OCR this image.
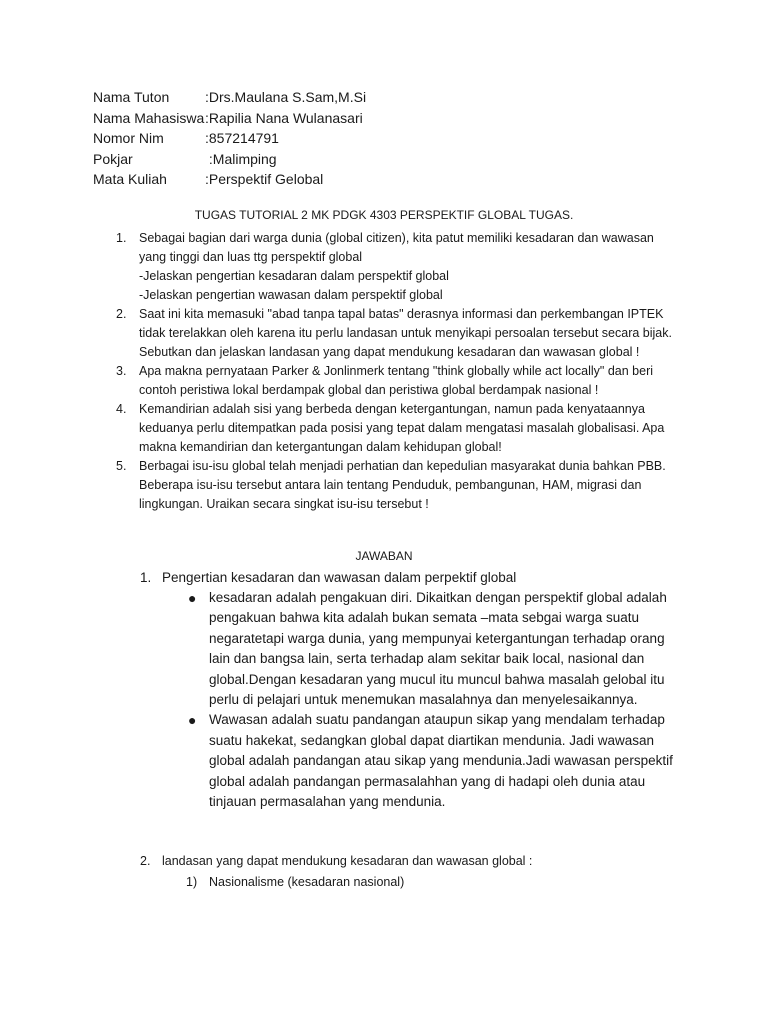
Nama Tuton	:Drs.Maulana S.Sam,M.Si
Nama Mahasiswa :Rapilia Nana Wulanasari
Nomor Nim	:857214791
Pokjar	:Malimping
Mata Kuliah	:Perspektif Gelobal
TUGAS TUTORIAL 2 MK PDGK 4303 PERSPEKTIF GLOBAL TUGAS.
1. Sebagai bagian dari warga dunia (global citizen), kita patut memiliki kesadaran dan wawasan yang tinggi dan luas ttg perspektif global
-Jelaskan pengertian kesadaran dalam perspektif global
-Jelaskan pengertian wawasan dalam perspektif global
2. Saat ini kita memasuki "abad tanpa tapal batas" derasnya informasi dan perkembangan IPTEK tidak terelakkan oleh karena itu perlu landasan untuk menyikapi persoalan tersebut secara bijak. Sebutkan dan jelaskan landasan yang dapat mendukung kesadaran dan wawasan global !
3. Apa makna pernyataan Parker & Jonlinmerk tentang "think globally while act locally" dan beri contoh peristiwa lokal berdampak global dan peristiwa global berdampak nasional !
4. Kemandirian adalah sisi yang berbeda dengan ketergantungan, namun pada kenyataannya keduanya perlu ditempatkan pada posisi yang tepat dalam mengatasi masalah globalisasi. Apa makna kemandirian dan ketergantungan dalam kehidupan global!
5. Berbagai isu-isu global telah menjadi perhatian dan kepedulian masyarakat dunia bahkan PBB. Beberapa isu-isu tersebut antara lain tentang Penduduk, pembangunan, HAM, migrasi dan lingkungan. Uraikan secara singkat isu-isu tersebut !
JAWABAN
1. Pengertian kesadaran dan wawasan dalam perpektif global
● kesadaran adalah pengakuan diri. Dikaitkan dengan perspektif global adalah pengakuan bahwa kita adalah bukan semata –mata sebgai warga suatu negaratetapi warga dunia, yang mempunyai ketergantungan terhadap orang lain dan bangsa lain, serta terhadap alam sekitar baik local, nasional dan global.Dengan kesadaran yang mucul itu muncul bahwa masalah gelobal itu perlu di pelajari untuk menemukan masalahnya dan menyelesaikannya.
● Wawasan adalah suatu pandangan ataupun sikap yang mendalam terhadap suatu hakekat, sedangkan global dapat diartikan mendunia. Jadi wawasan global adalah pandangan atau sikap yang mendunia.Jadi wawasan perspektif global adalah pandangan permasalahhan yang di hadapi oleh dunia atau tinjauan permasalahan yang mendunia.
2. landasan yang dapat mendukung kesadaran dan wawasan global :
1) Nasionalisme (kesadaran nasional)
